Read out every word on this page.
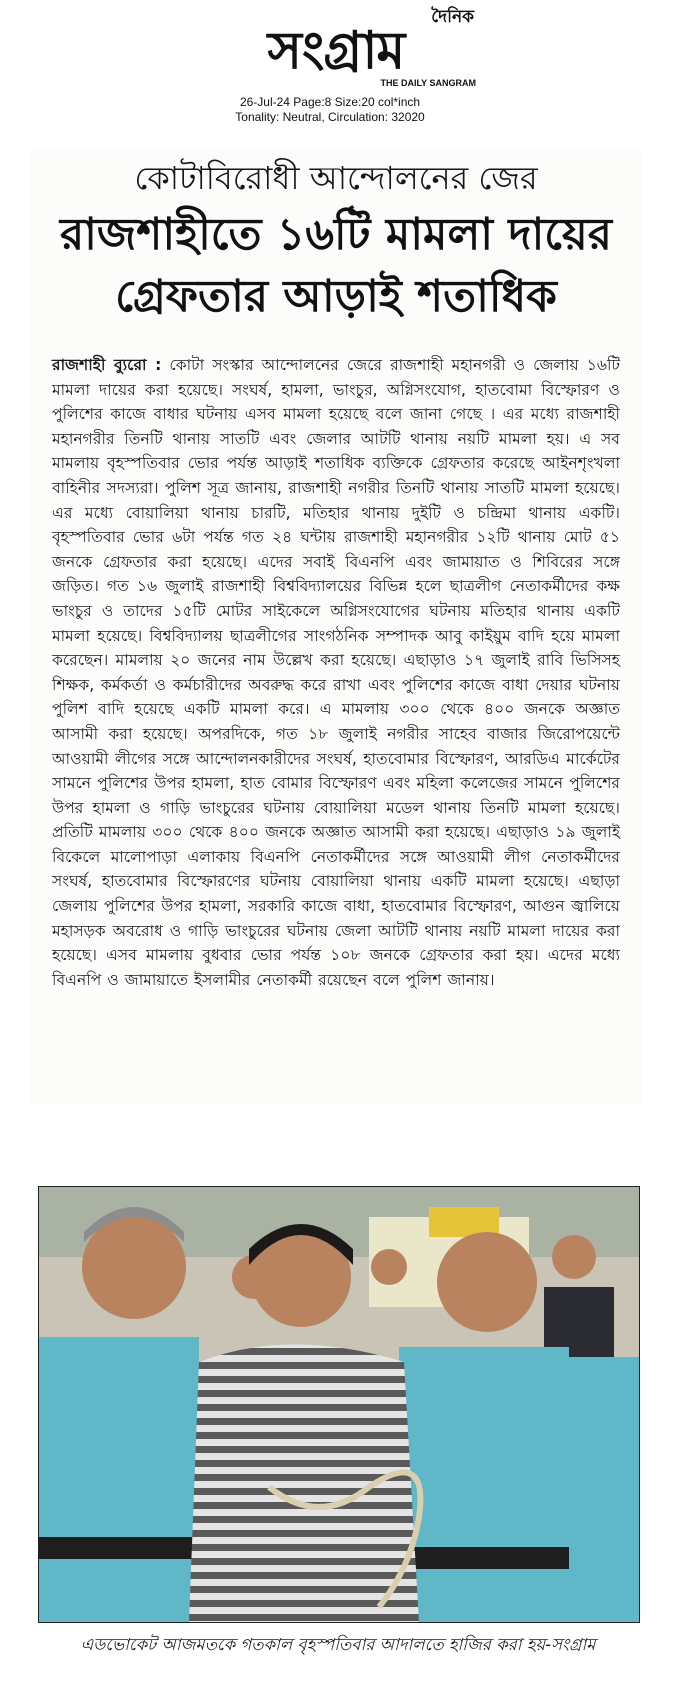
দৈনিক
সংগ্রাম
THE DAILY SANGRAM
26-Jul-24 Page:8 Size:20 col*inch
Tonality: Neutral, Circulation: 32020
কোটাবিরোধী আন্দোলনের জের
রাজশাহীতে ১৬টি মামলা দায়ের
গ্রেফতার আড়াই শতাধিক
রাজশাহী ব্যুরো : কোটা সংস্কার আন্দোলনের জেরে রাজশাহী মহানগরী ও জেলায় ১৬টি মামলা দায়ের করা হয়েছে। সংঘর্ষ, হামলা, ভাংচুর, অগ্নিসংযোগ, হাতবোমা বিস্ফোরণ ও পুলিশের কাজে বাধার ঘটনায় এসব মামলা হয়েছে বলে জানা গেছে । এর মধ্যে রাজশাহী মহানগরীর তিনটি থানায় সাতটি এবং জেলার আটটি থানায় নয়টি মামলা হয়। এ সব মামলায় বৃহস্পতিবার ভোর পর্যন্ত আড়াই শতাধিক ব্যক্তিকে গ্রেফতার করেছে আইনশৃংখলা বাহিনীর সদস্যরা। পুলিশ সূত্র জানায়, রাজশাহী নগরীর তিনটি থানায় সাতটি মামলা হয়েছে। এর মধ্যে বোয়ালিয়া থানায় চারটি, মতিহার থানায় দুইটি ও চন্দ্রিমা থানায় একটি। বৃহস্পতিবার ভোর ৬টা পর্যন্ত গত ২৪ ঘন্টায় রাজশাহী মহানগরীর ১২টি থানায় মোট ৫১ জনকে গ্রেফতার করা হয়েছে। এদের সবাই বিএনপি এবং জামায়াত ও শিবিরের সঙ্গে জড়িত। গত ১৬ জুলাই রাজশাহী বিশ্ববিদ্যালয়ের বিভিন্ন হলে ছাত্রলীগ নেতাকর্মীদের কক্ষ ভাংচুর ও তাদের ১৫টি মোটর সাইকেলে অগ্নিসংযোগের ঘটনায় মতিহার থানায় একটি মামলা হয়েছে। বিশ্ববিদ্যালয় ছাত্রলীগের সাংগঠনিক সম্পাদক আবু কাইয়ুম বাদি হয়ে মামলা করেছেন। মামলায় ২০ জনের নাম উল্লেখ করা হয়েছে। এছাড়াও ১৭ জুলাই রাবি ভিসিসহ শিক্ষক, কর্মকর্তা ও কর্মচারীদের অবরুদ্ধ করে রাখা এবং পুলিশের কাজে বাধা দেয়ার ঘটনায় পুলিশ বাদি হয়েছে একটি মামলা করে। এ মামলায় ৩০০ থেকে ৪০০ জনকে অজ্ঞাত আসামী করা হয়েছে। অপরদিকে, গত ১৮ জুলাই নগরীর সাহেব বাজার জিরোপয়েন্টে আওয়ামী লীগের সঙ্গে আন্দোলনকারীদের সংঘর্ষ, হাতবোমার বিস্ফোরণ, আরডিএ মার্কেটের সামনে পুলিশের উপর হামলা, হাত বোমার বিস্ফোরণ এবং মহিলা কলেজের সামনে পুলিশের উপর হামলা ও গাড়ি ভাংচুরের ঘটনায় বোয়ালিয়া মডেল থানায় তিনটি মামলা হয়েছে। প্রতিটি মামলায় ৩০০ থেকে ৪০০ জনকে অজ্ঞাত আসামী করা হয়েছে। এছাড়াও ১৯ জুলাই বিকেলে মালোপাড়া এলাকায় বিএনপি নেতাকর্মীদের সঙ্গে আওয়ামী লীগ নেতাকর্মীদের সংঘর্ষ, হাতবোমার বিস্ফোরণের ঘটনায় বোয়ালিয়া থানায় একটি মামলা হয়েছে। এছাড়া জেলায় পুলিশের উপর হামলা, সরকারি কাজে বাধা, হাতবোমার বিস্ফোরণ, আগুন জ্বালিয়ে মহাসড়ক অবরোধ ও গাড়ি ভাংচুরের ঘটনায় জেলা আটটি থানায় নয়টি মামলা দায়ের করা হয়েছে। এসব মামলায় বুধবার ভোর পর্যন্ত ১০৮ জনকে গ্রেফতার করা হয়। এদের মধ্যে বিএনপি ও জামায়াতে ইসলামীর নেতাকর্মী রয়েছেন বলে পুলিশ জানায়।
এডভোকেট আজমতকে গতকাল বৃহস্পতিবার আদালতে হাজির করা হয়-সংগ্রাম
